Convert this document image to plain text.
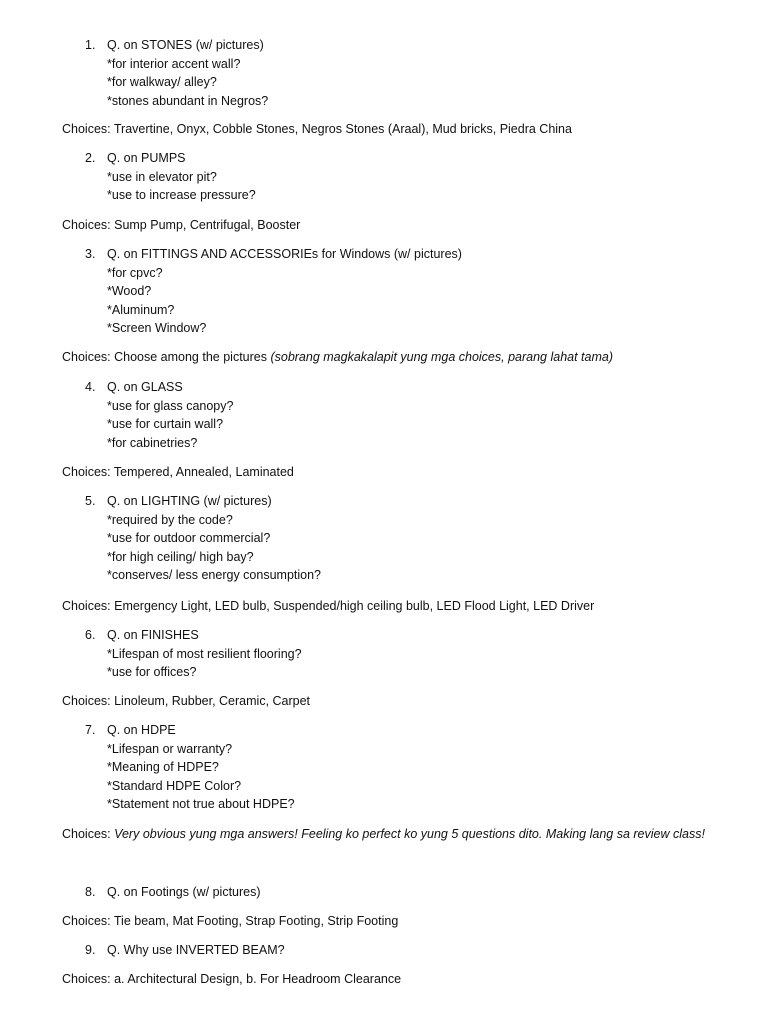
1. Q. on STONES (w/ pictures)
*for interior accent wall?
*for walkway/ alley?
*stones abundant in Negros?
Choices: Travertine, Onyx, Cobble Stones, Negros Stones (Araal), Mud bricks, Piedra China
2. Q. on PUMPS
*use in elevator pit?
*use to increase pressure?
Choices: Sump Pump, Centrifugal, Booster
3. Q. on FITTINGS AND ACCESSORIEs for Windows (w/ pictures)
*for cpvc?
*Wood?
*Aluminum?
*Screen Window?
Choices: Choose among the pictures (sobrang magkakalapit yung mga choices, parang lahat tama)
4. Q. on GLASS
*use for glass canopy?
*use for curtain wall?
*for cabinetries?
Choices: Tempered, Annealed, Laminated
5. Q. on LIGHTING (w/ pictures)
*required by the code?
*use for outdoor commercial?
*for high ceiling/ high bay?
*conserves/ less energy consumption?
Choices: Emergency Light, LED bulb, Suspended/high ceiling bulb, LED Flood Light, LED Driver
6. Q. on FINISHES
*Lifespan of most resilient flooring?
*use for offices?
Choices: Linoleum, Rubber, Ceramic, Carpet
7. Q. on HDPE
*Lifespan or warranty?
*Meaning of HDPE?
*Standard HDPE Color?
*Statement not true about HDPE?
Choices: Very obvious yung mga answers! Feeling ko perfect ko yung 5 questions dito. Making lang sa review class!
8. Q. on Footings (w/ pictures)
Choices: Tie beam, Mat Footing, Strap Footing, Strip Footing
9. Q. Why use INVERTED BEAM?
Choices: a. Architectural Design, b. For Headroom Clearance
